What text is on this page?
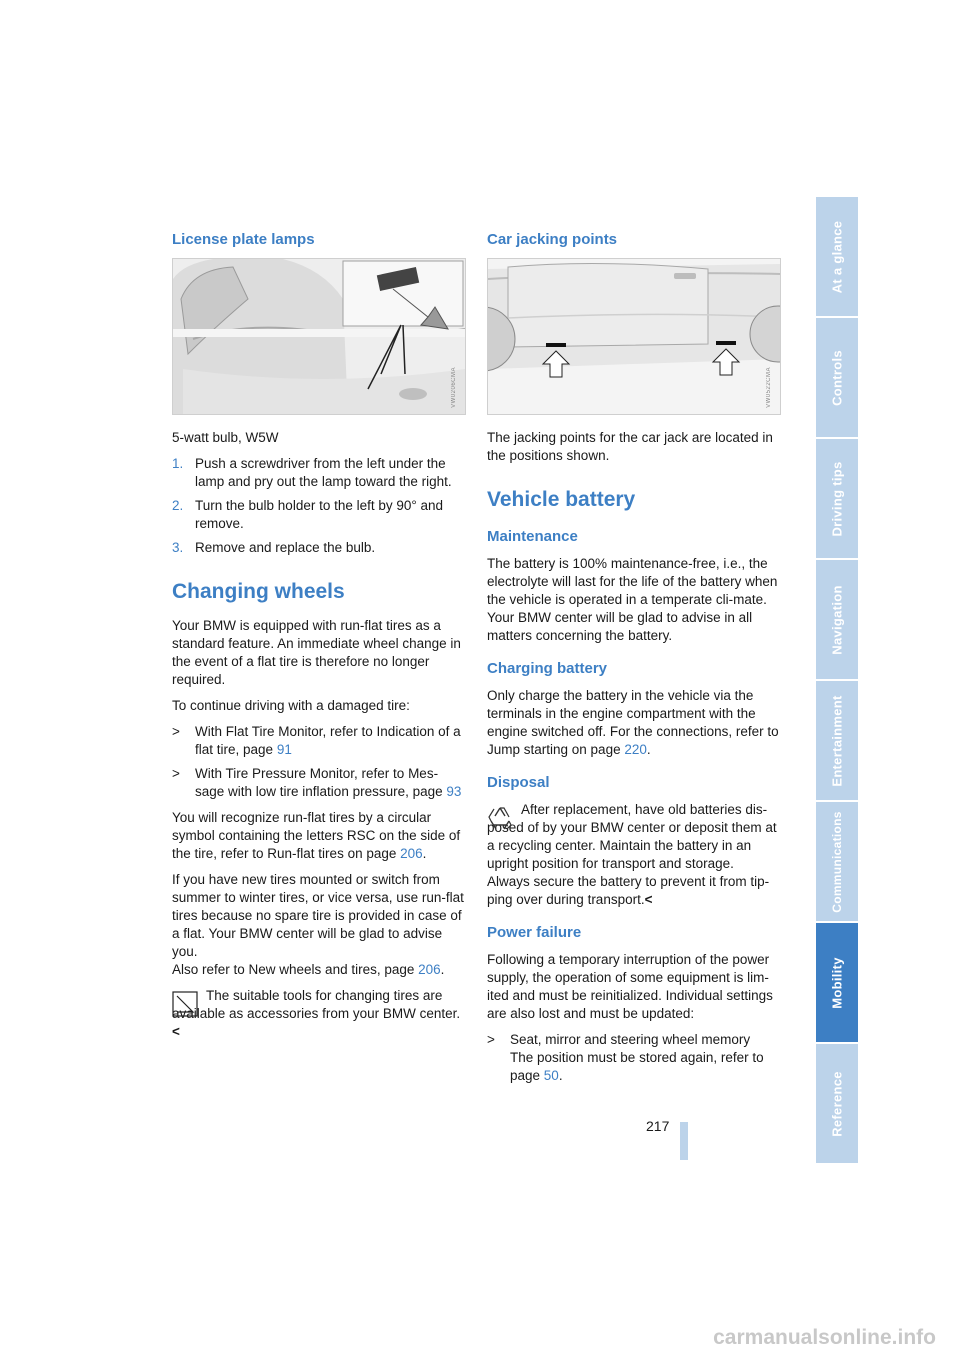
License plate lamps
VW0206CMA

5-watt bulb, W5W

1. Push a screwdriver from the left under the lamp and pry out the lamp toward the right.
2. Turn the bulb holder to the left by 90° and remove.
3. Remove and replace the bulb.
Changing wheels

Your BMW is equipped with run-flat tires as a standard feature. An immediate wheel change in the event of a flat tire is therefore no longer required.

To continue driving with a damaged tire:

> With Flat Tire Monitor, refer to Indication of a flat tire, page 91
> With Tire Pressure Monitor, refer to Mes-sage with low tire inflation pressure, page 93

You will recognize run-flat tires by a circular symbol containing the letters RSC on the side of the tire, refer to Run-flat tires on page 206.

If you have new tires mounted or switch from summer to winter tires, or vice versa, use run-flat tires because no spare tire is provided in case of a flat. Your BMW center will be glad to advise you.

Also refer to New wheels and tires, page 206.

The suitable tools for changing tires are available as accessories from your BMW center.<

Car jacking points
VW0522CMA

The jacking points for the car jack are located in the positions shown.

Vehicle battery
Maintenance

The battery is 100% maintenance-free, i.e., the electrolyte will last for the life of the battery when the vehicle is operated in a temperate cli-mate.

Your BMW center will be glad to advise in all matters concerning the battery.

Charging battery

Only charge the battery in the vehicle via the terminals in the engine compartment with the engine switched off. For the connections, refer to Jump starting on page 220.

Disposal

After replacement, have old batteries dis-posed of by your BMW center or deposit them at a recycling center. Maintain the battery in an upright position for transport and storage. Always secure the battery to prevent it from tip-ping over during transport.<

Power failure

Following a temporary interruption of the power supply, the operation of some equipment is lim-ited and must be reinitialized. Individual settings are also lost and must be updated:

> Seat, mirror and steering wheel memory
The position must be stored again, refer to page 50.
At a glance
Controls
Driving tips
Navigation
Entertainment
Communications
Mobility
Reference
217
carmanualsonline.info
